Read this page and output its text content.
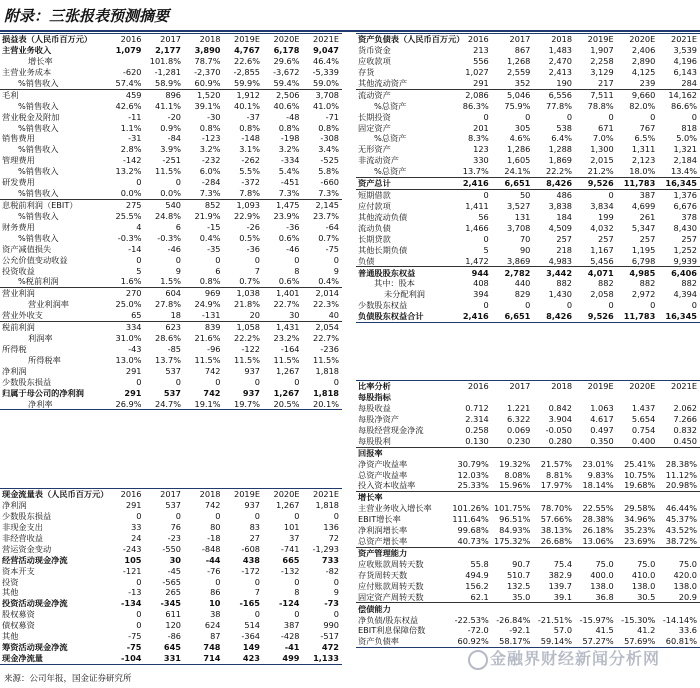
附录：三张报表预测摘要
损益表（人民币百万元）	2016	2017	2018	2019E	2020E	2021E
主营业务收入	1,079	2,177	3,890	4,767	6,178	9,047
增长率		101.8%	78.7%	22.6%	29.6%	46.4%
主营业务成本	-620	-1,281	-2,370	-2,855	-3,672	-5,339
%销售收入	57.4%	58.9%	60.9%	59.9%	59.4%	59.0%
毛利	459	896	1,520	1,912	2,506	3,708
%销售收入	42.6%	41.1%	39.1%	40.1%	40.6%	41.0%
营业税金及附加	-11	-20	-30	-37	-48	-71
%销售收入	1.1%	0.9%	0.8%	0.8%	0.8%	0.8%
销售费用	-31	-84	-123	-148	-198	-308
%销售收入	2.8%	3.9%	3.2%	3.1%	3.2%	3.4%
管理费用	-142	-251	-232	-262	-334	-525
%销售收入	13.2%	11.5%	6.0%	5.5%	5.4%	5.8%
研发费用	0	0	-284	-372	-451	-660
%销售收入	0.0%	0.0%	7.3%	7.8%	7.3%	7.3%
息税前利润（EBIT）	275	540	852	1,093	1,475	2,145
%销售收入	25.5%	24.8%	21.9%	22.9%	23.9%	23.7%
财务费用	4	6	-15	-26	-36	-64
%销售收入	-0.3%	-0.3%	0.4%	0.5%	0.6%	0.7%
资产减值损失	-14	-46	-35	-36	-46	-75
公允价值变动收益	0	0	0	0	0	0
投资收益	5	9	6	7	8	9
%税前利润	1.6%	1.5%	0.8%	0.7%	0.6%	0.4%
营业利润	270	604	969	1,038	1,401	2,014
营业利润率	25.0%	27.8%	24.9%	21.8%	22.7%	22.3%
营业外收支	65	18	-131	20	30	40
税前利润	334	623	839	1,058	1,431	2,054
利润率	31.0%	28.6%	21.6%	22.2%	23.2%	22.7%
所得税	-43	-85	-96	-122	-164	-236
所得税率	13.0%	13.7%	11.5%	11.5%	11.5%	11.5%
净利润	291	537	742	937	1,267	1,818
少数股东损益	0	0	0	0	0	0
归属于母公司的净利润	291	537	742	937	1,267	1,818
净利率	26.9%	24.7%	19.1%	19.7%	20.5%	20.1%
现金流量表（人民币百万元）	2016	2017	2018	2019E	2020E	2021E
净利润	291	537	742	937	1,267	1,818
少数股东损益	0	0	0	0	0	0
非现金支出	33	76	80	83	101	136
非经营收益	24	-23	-18	27	37	72
营运资金变动	-243	-550	-848	-608	-741	-1,293
经营活动现金净流	105	30	-44	438	665	733
资本开支	-121	-45	-76	-172	-132	-82
投资	0	-565	0	0	0	0
其他	-13	265	86	7	8	9
投资活动现金净流	-134	-345	10	-165	-124	-73
股权募资	0	611	38	0	0	0
债权募资	0	120	624	514	387	990
其他	-75	-86	87	-364	-428	-517
筹资活动现金净流	-75	645	748	149	-41	472
现金净流量	-104	331	714	423	499	1,133
资产负债表（人民币百万元）	2016	2017	2018	2019E	2020E	2021E
货币资金	213	867	1,483	1,907	2,406	3,539
应收款项	556	1,268	2,470	2,258	2,890	4,196
存货	1,027	2,559	2,413	3,129	4,125	6,143
其他流动资产	291	352	190	217	239	284
流动资产	2,086	5,046	6,556	7,511	9,660	14,162
%总资产	86.3%	75.9%	77.8%	78.8%	82.0%	86.6%
长期投资	0	0	0	0	0	0
固定资产	201	305	538	671	767	818
%总资产	8.3%	4.6%	6.4%	7.0%	6.5%	5.0%
无形资产	123	1,286	1,288	1,300	1,311	1,321
非流动资产	330	1,605	1,869	2,015	2,123	2,184
%总资产	13.7%	24.1%	22.2%	21.2%	18.0%	13.4%
资产总计	2,416	6,651	8,426	9,526	11,783	16,345
短期借款	0	50	486	0	387	1,376
应付款项	1,411	3,527	3,838	3,834	4,699	6,676
其他流动负债	56	131	184	199	261	378
流动负债	1,466	3,708	4,509	4,032	5,347	8,430
长期贷款	0	70	257	257	257	257
其他长期负债	5	90	218	1,167	1,195	1,252
负债	1,472	3,869	4,983	5,456	6,798	9,939
普通股股东权益	944	2,782	3,442	4,071	4,985	6,406
其中：股本	408	440	882	882	882	882
未分配利润	394	829	1,430	2,058	2,972	4,394
少数股东权益	0	0	0	0	0	0
负债股东权益合计	2,416	6,651	8,426	9,526	11,783	16,345
比率分析	2016	2017	2018	2019E	2020E	2021E
每股指标						
每股收益	0.712	1.221	0.842	1.063	1.437	2.062
每股净资产	2.314	6.322	3.904	4.617	5.654	7.266
每股经营现金净流	0.258	0.069	-0.050	0.497	0.754	0.832
每股股利	0.130	0.230	0.280	0.350	0.400	0.450
回报率						
净资产收益率	30.79%	19.32%	21.57%	23.01%	25.41%	28.38%
总资产收益率	12.03%	8.08%	8.81%	9.83%	10.75%	11.12%
投入资本收益率	25.33%	15.96%	17.97%	18.14%	19.68%	20.98%
增长率						
主营业务收入增长率	101.26%	101.75%	78.70%	22.55%	29.58%	46.44%
EBIT增长率	111.64%	96.51%	57.66%	28.38%	34.96%	45.37%
净利润增长率	99.68%	84.93%	38.13%	26.18%	35.23%	43.52%
总资产增长率	40.73%	175.32%	26.68%	13.06%	23.69%	38.72%
资产管理能力						
应收账款周转天数	55.8	90.7	75.4	75.0	75.0	75.0
存货周转天数	494.9	510.7	382.9	400.0	410.0	420.0
应付账款周转天数	156.2	132.5	139.7	138.0	138.0	138.0
固定资产周转天数	62.1	35.0	39.1	36.8	30.5	20.9
偿债能力						
净负债/股东权益	-22.53%	-26.84%	-21.51%	-15.97%	-15.30%	-14.14%
EBIT利息保障倍数	-72.0	-92.1	57.0	41.5	41.2	33.6
资产负债率	60.92%	58.17%	59.14%	57.27%	57.69%	60.81%
金融界财经新闻分析网
来源：公司年报，国金证券研究所
